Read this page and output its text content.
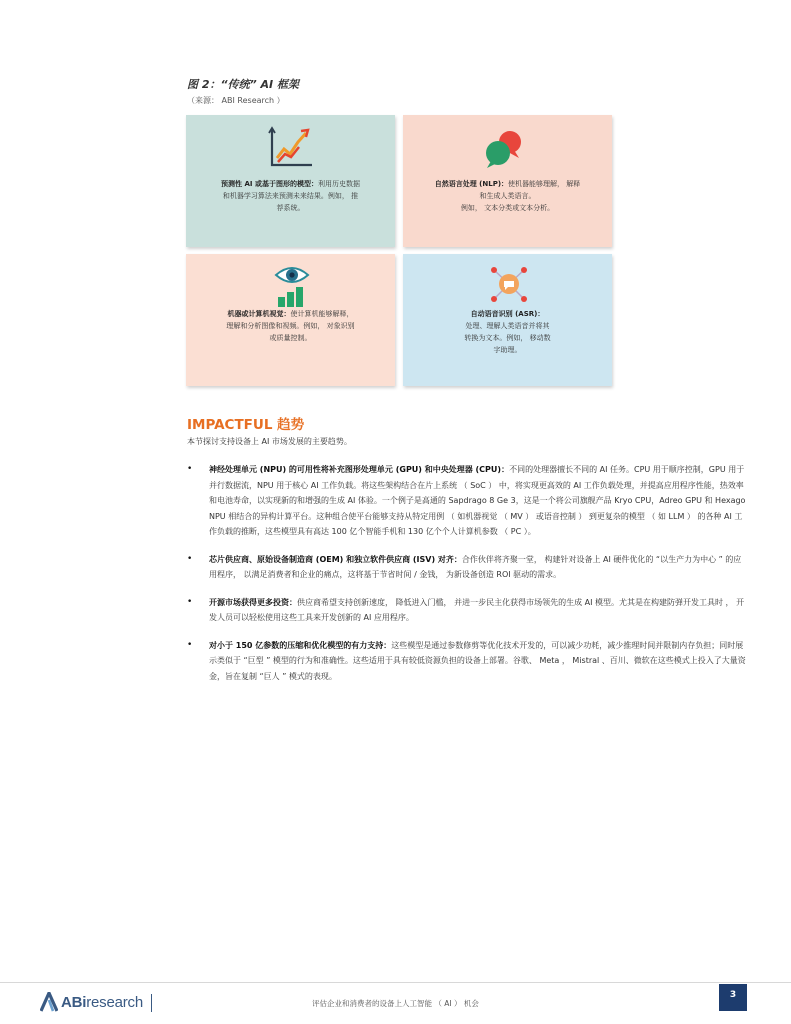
图 2：“传统” AI 框架
（来源： ABI Research ）
预测性 AI 或基于图形的模型：利用历史数据
和机器学习算法来预测未来结果。例如， 推
荐系统。
自然语言处理 (NLP)：使机器能够理解， 解释
和生成人类语言。
例如， 文本分类或文本分析。
机器或计算机视觉：使计算机能够解释，
理解和分析图像和视频。例如， 对象识别
或质量控制。
自动语音识别 (ASR)：
处理、理解人类语音并将其
转换为文本。例如， 移动数
字助理。
IMPACTFUL 趋势
本节探讨支持设备上 AI 市场发展的主要趋势。
• 神经处理单元 (NPU) 的可用性将补充图形处理单元 (GPU) 和中央处理器 (CPU)：不同的处理器擅长不同的 AI 任务。CPU 用于顺序控制，GPU 用于并行数据流，NPU 用于核心 AI 工作负载。将这些架构结合在片上系统 （ SoC ） 中，将实现更高效的 AI 工作负载处理，并提高应用程序性能，热效率和电池寿命，以实现新的和增强的生成 AI 体验。一个例子是高通的 Sapdrago 8 Ge 3，这是一个将公司旗舰产品 Kryo CPU，Adreo GPU 和 Hexago NPU 相结合的异构计算平台。这种组合使平台能够支持从特定用例 （ 如机器视觉 （ MV ） 或语音控制 ） 到更复杂的模型 （ 如 LLM ） 的各种 AI 工作负载的推断，这些模型具有高达 100 亿个智能手机和 130 亿个个人计算机参数 （ PC ）。
• 芯片供应商、原始设备制造商 (OEM) 和独立软件供应商 (ISV) 对齐：合作伙伴将齐聚一堂， 构建针对设备上 AI 硬件优化的 “以生产力为中心 ” 的应用程序， 以满足消费者和企业的痛点，这将基于节省时间 / 金钱， 为新设备创造 ROI 驱动的需求。
• 开源市场获得更多投资：供应商希望支持创新速度， 降低进入门槛， 并进一步民主化获得市场领先的生成 AI 模型。尤其是在构建防弹开发工具时 ， 开发人员可以轻松使用这些工具来开发创新的 AI 应用程序。
• 对小于 150 亿参数的压缩和优化模型的有力支持：这些模型是通过参数修剪等优化技术开发的，可以减少功耗，减少推理时间并限制内存负担；同时展示类似于 “巨型 ” 模型的行为和准确性。这些适用于具有较低资源负担的设备上部署。谷歌、 Meta ， Mistral 、百川、微软在这些模式上投入了大量资金，旨在复制 “巨人 ” 模式的表现。
ABiresearch	评估企业和消费者的设备上人工智能 （ AI ） 机会
3
